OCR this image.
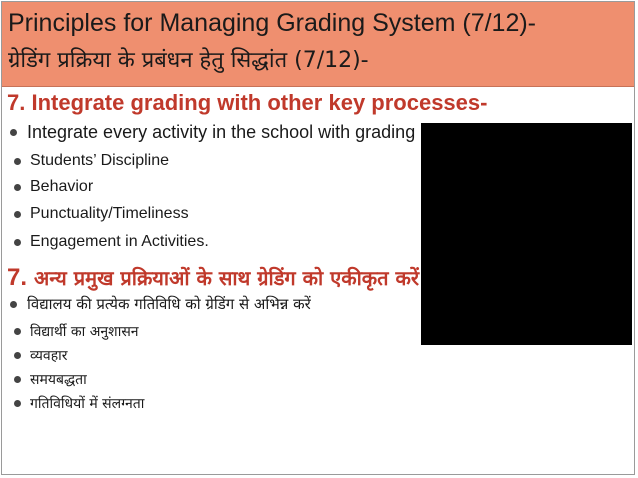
Principles for Managing Grading System (7/12)-
ग्रेडिंग प्रक्रिया के प्रबंधन हेतु सिद्धांत (7/12)-
7. Integrate grading with other key processes-
Integrate every activity in the school with grading
Students’ Discipline
Behavior
Punctuality/Timeliness
Engagement in Activities.
7. अन्य प्रमुख प्रक्रियाओं के साथ ग्रेडिंग को एकीकृत करें
विद्यालय की प्रत्येक गतिविधि को ग्रेडिंग से अभिन्न करें
विद्यार्थी का अनुशासन
व्यवहार
समयबद्धता
गतिविधियों में संलग्नता
